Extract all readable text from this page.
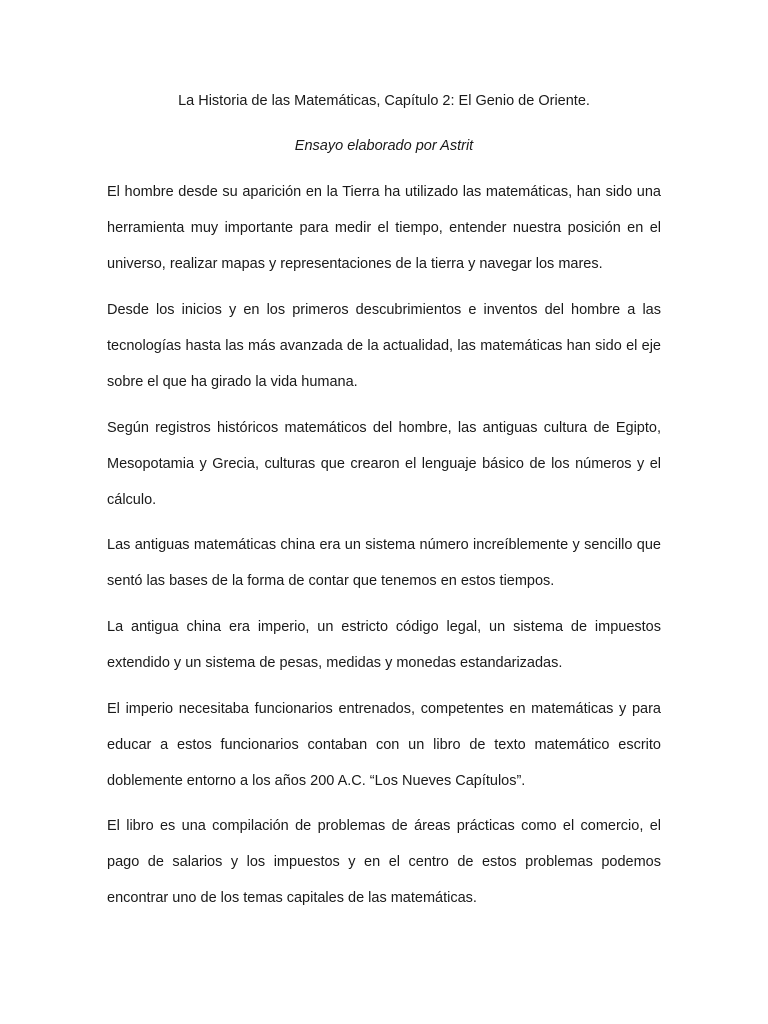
La Historia de las Matemáticas, Capítulo 2: El Genio de Oriente.

Ensayo elaborado por Astrit

El hombre desde su aparición en la Tierra ha utilizado las matemáticas, han sido una herramienta muy importante para medir el tiempo, entender nuestra posición en el universo, realizar mapas y representaciones de la tierra y navegar los mares.

Desde los inicios y en los primeros descubrimientos e inventos del hombre a las tecnologías hasta las más avanzada de la actualidad, las matemáticas han sido el eje sobre el que ha girado la vida humana.

Según registros históricos matemáticos del hombre, las antiguas cultura de Egipto, Mesopotamia y Grecia, culturas que crearon el lenguaje básico de los números y el cálculo.

Las antiguas matemáticas china era un sistema número increíblemente y sencillo que sentó las bases de la forma de contar que tenemos en estos tiempos.

La antigua china era imperio, un estricto código legal, un sistema de impuestos extendido y un sistema de pesas, medidas y monedas estandarizadas.

El imperio necesitaba funcionarios entrenados, competentes en matemáticas y para educar a estos funcionarios contaban con un libro de texto matemático escrito doblemente entorno a los años 200 A.C. “Los Nueves Capítulos”.

El libro es una compilación de problemas de áreas prácticas como el comercio, el pago de salarios y los impuestos y en el centro de estos problemas podemos encontrar uno de los temas capitales de las matemáticas.
